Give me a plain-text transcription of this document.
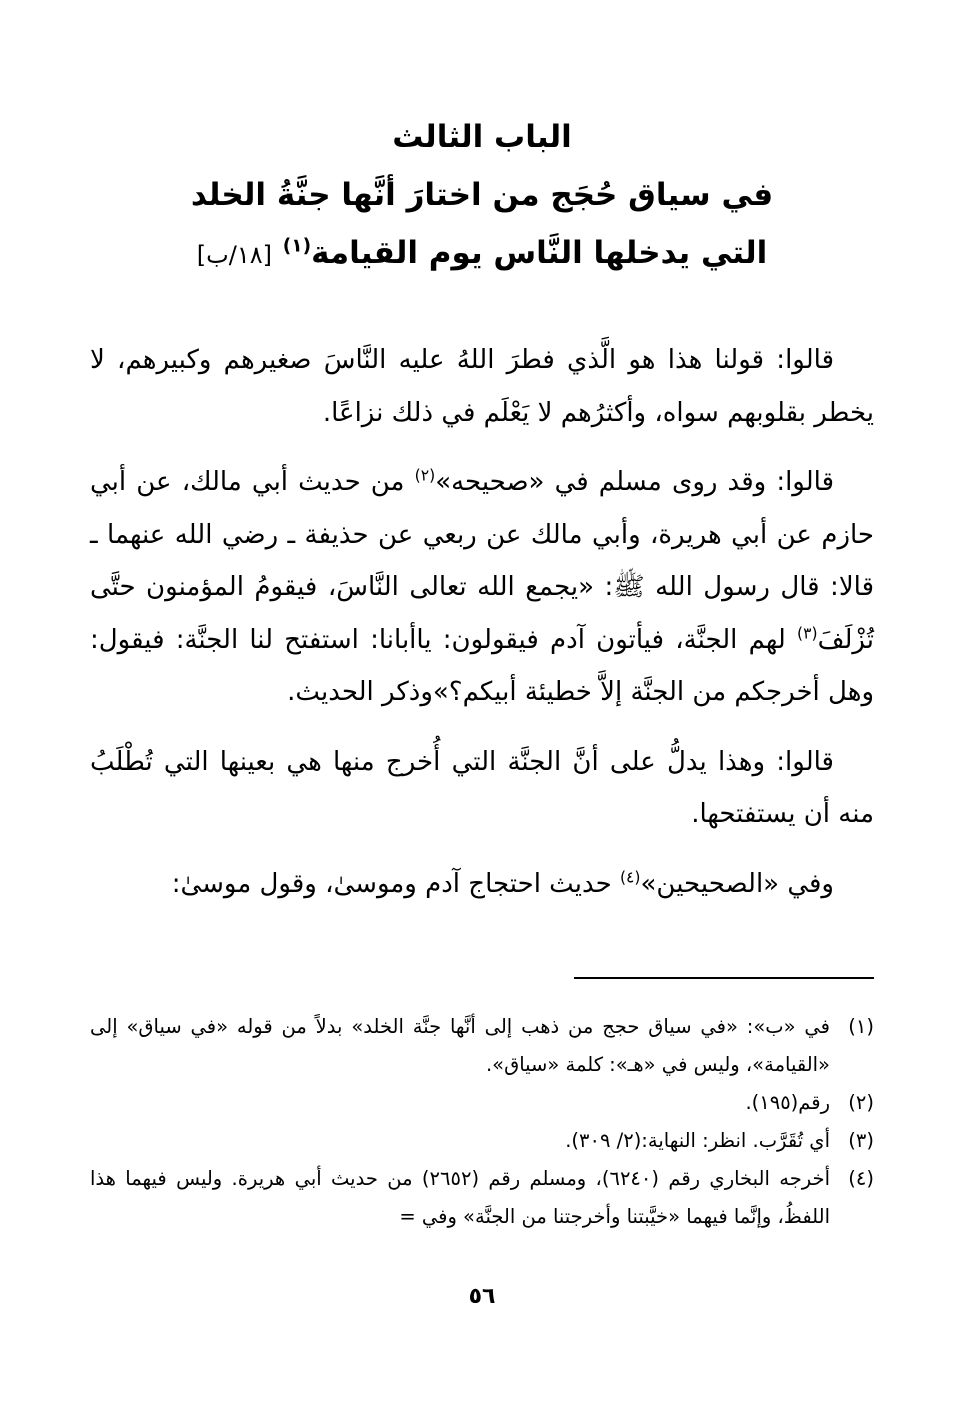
الباب الثالث

في سياق حُجَج من اختارَ أنَّها جنَّةُ الخلد

التي يدخلها النَّاس يوم القيامة$^{(١)}$ [١٨/ب]

قالوا: قولنا هذا هو الَّذي فطرَ اللهُ عليه النَّاسَ صغيرهم وكبيرهم، لا يخطر بقلوبهم سواه، وأكثرُهم لا يَعْلَم في ذلك نزاعًا.

قالوا: وقد روى مسلم في «صحيحه»$^{(٢)}$ من حديث أبي مالك، عن أبي حازم عن أبي هريرة، وأبي مالك عن ربعي عن حذيفة ـ رضي الله عنهما ـ قالا: قال رسول الله ﷺ: «يجمع الله تعالى النَّاسَ، فيقومُ المؤمنون حتَّى تُزْلَفَ$^{(٣)}$ لهم الجنَّة، فيأتون آدم فيقولون: ياأبانا: استفتح لنا الجنَّة: فيقول: وهل أخرجكم من الجنَّة إلاَّ خطيئة أبيكم؟»وذكر الحديث.

قالوا: وهذا يدلُّ على أنَّ الجنَّة التي أُخرج منها هي بعينها التي تُطْلَبُ منه أن يستفتحها.

وفي «الصحيحين»$^{(٤)}$ حديث احتجاج آدم وموسىٰ، وقول موسىٰ:

(١)
في «ب»: «في سياق حجج من ذهب إلى أنَّها جنَّة الخلد» بدلاً من قوله «في سياق» إلى «القيامة»، وليس في «هـ»: كلمة «سياق».
(٢)
رقم(١٩٥).
(٣)
أي تُقَرَّب. انظر: النهاية:(٢/ ٣٠٩).
(٤)
أخرجه البخاري رقم (٦٢٤٠)، ومسلم رقم (٢٦٥٢) من حديث أبي هريرة. وليس فيهما هذا اللفظُ، وإنَّما فيهما «خيَّبتنا وأخرجتنا من الجنَّة» وفي =
٥٦
